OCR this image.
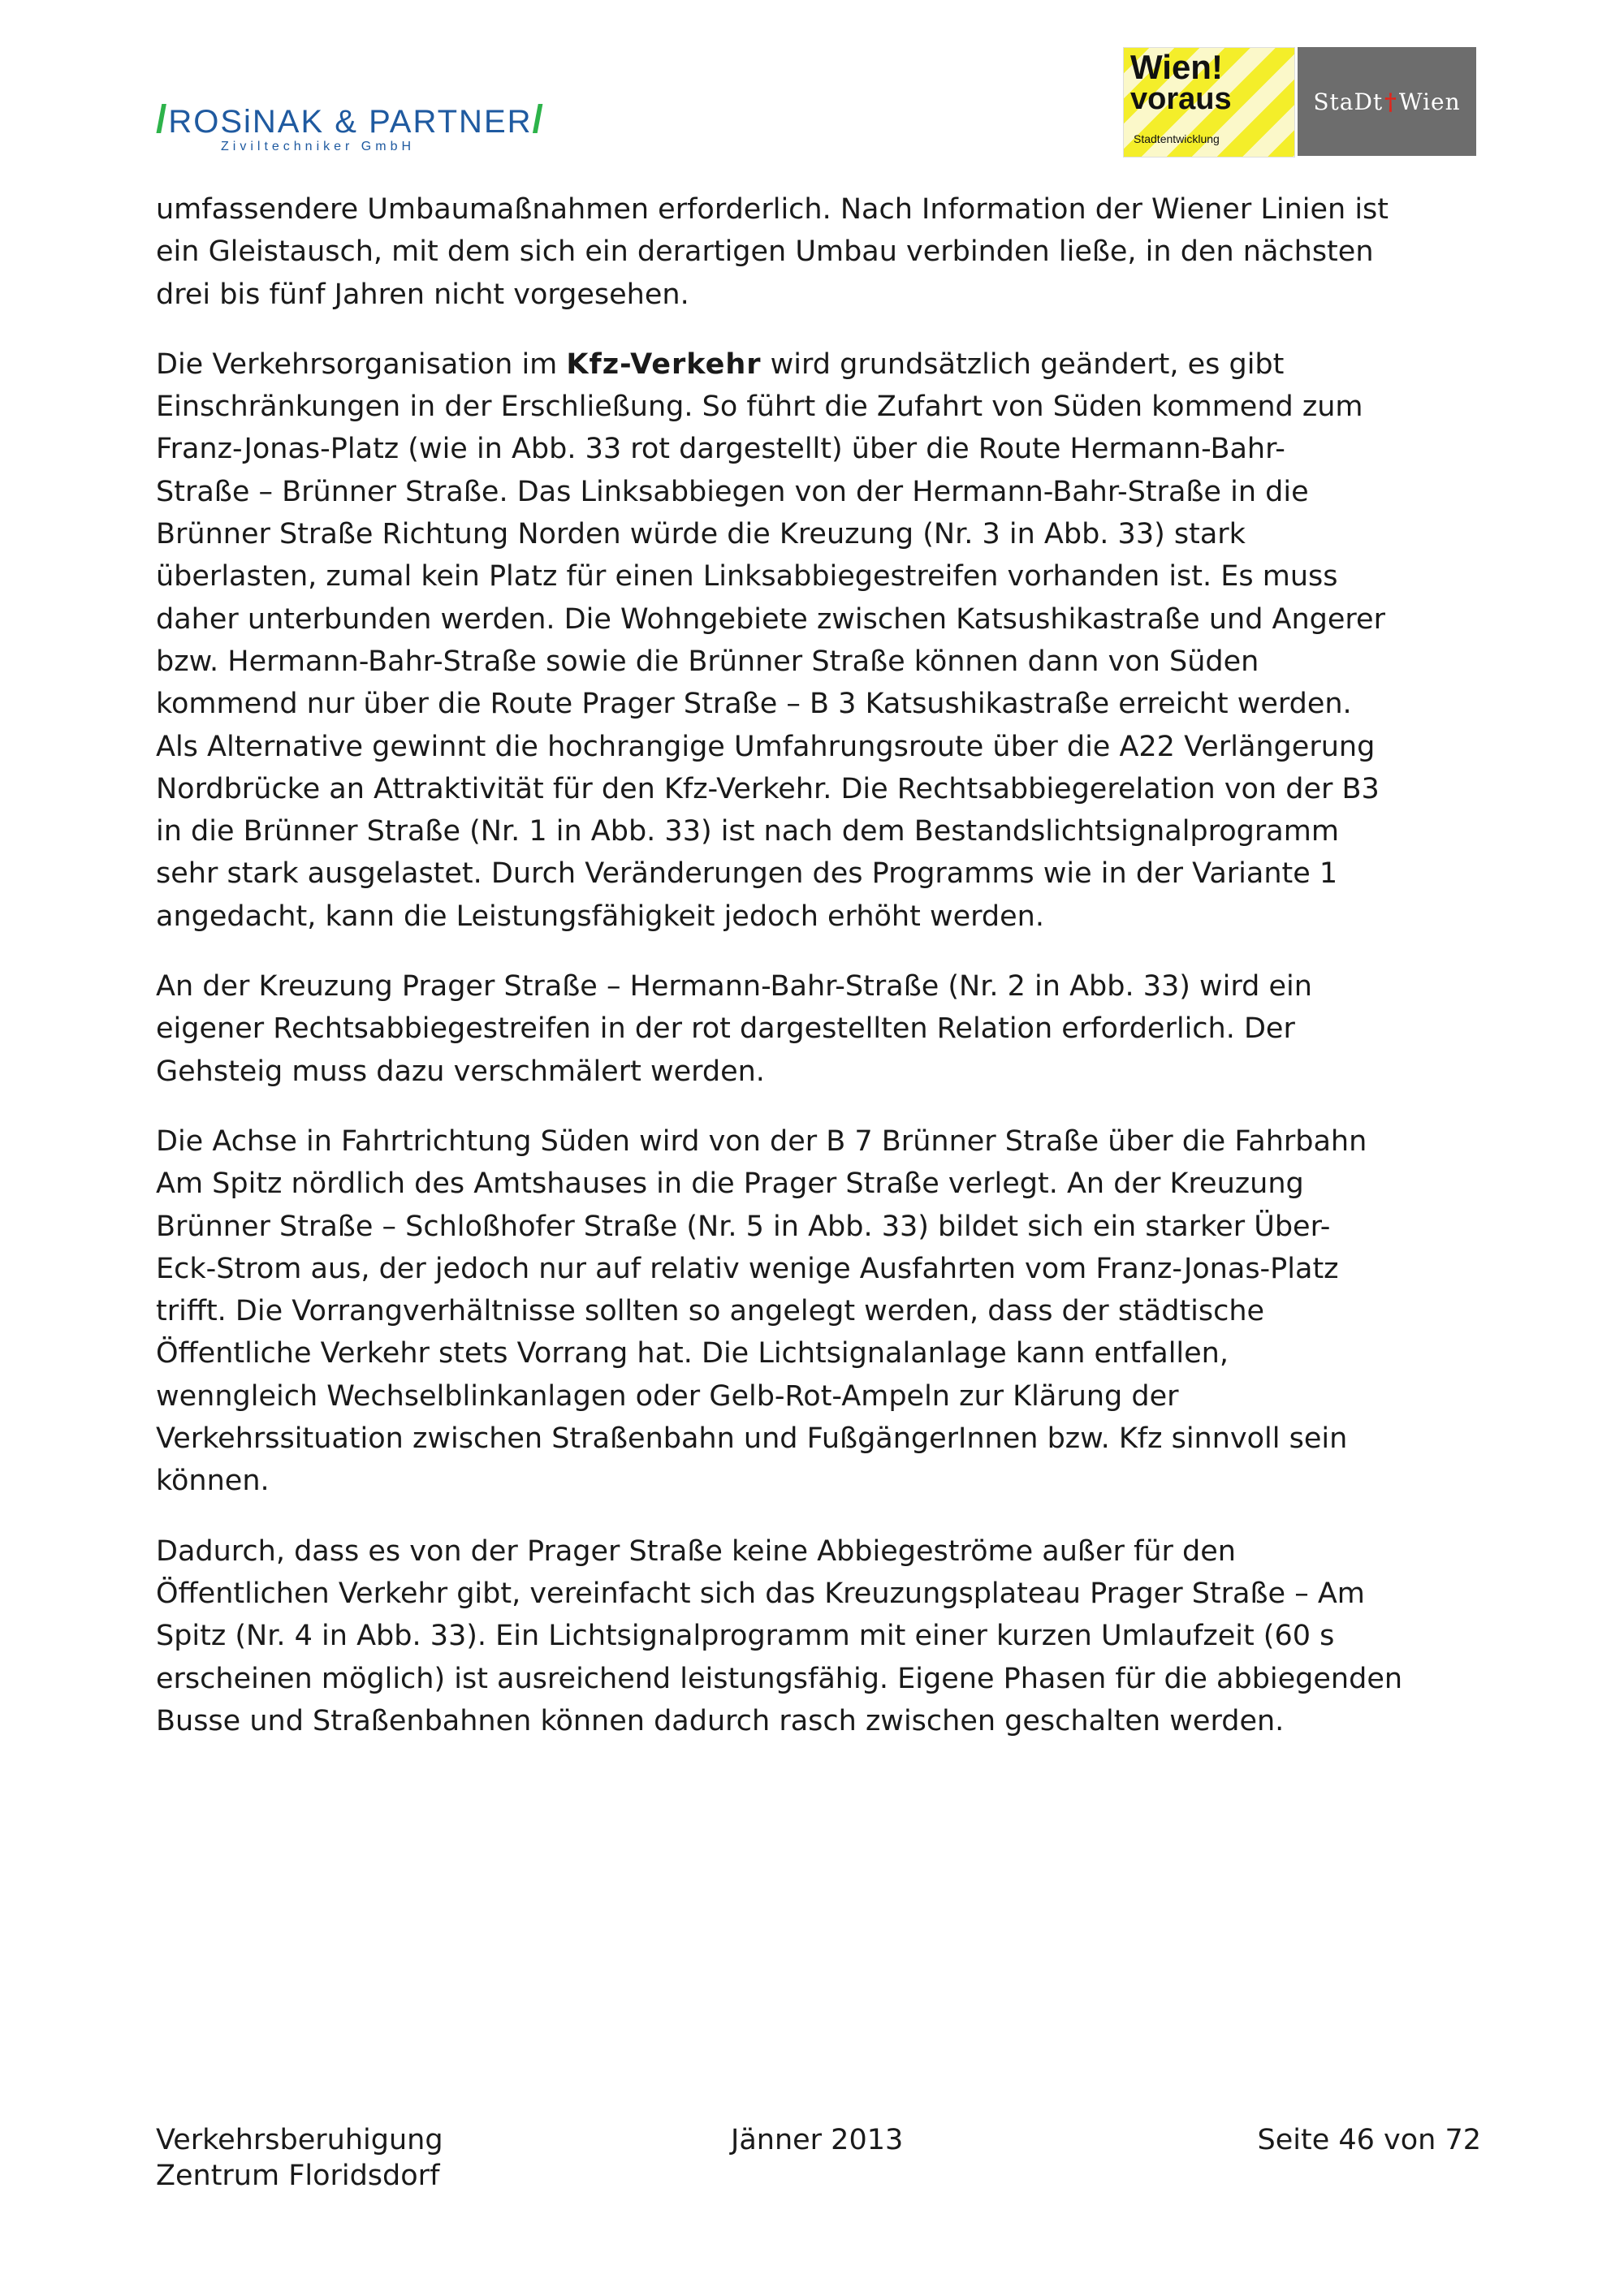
/ROSiNAK & PARTNER/
Ziviltechniker GmbH
Wien!
voraus
Stadtentwicklung
StaDt † Wien

umfassendere Umbaumaßnahmen erforderlich. Nach Information der Wiener Linien ist
ein Gleistausch, mit dem sich ein derartigen Umbau verbinden ließe, in den nächsten
drei bis fünf Jahren nicht vorgesehen.

Die Verkehrsorganisation im Kfz-Verkehr wird grundsätzlich geändert, es gibt
Einschränkungen in der Erschließung. So führt die Zufahrt von Süden kommend zum
Franz-Jonas-Platz (wie in Abb. 33 rot dargestellt) über die Route Hermann-Bahr-
Straße – Brünner Straße. Das Linksabbiegen von der Hermann-Bahr-Straße in die
Brünner Straße Richtung Norden würde die Kreuzung (Nr. 3 in Abb. 33) stark
überlasten, zumal kein Platz für einen Linksabbiegestreifen vorhanden ist. Es muss
daher unterbunden werden. Die Wohngebiete zwischen Katsushikastraße und Angerer
bzw. Hermann-Bahr-Straße sowie die Brünner Straße können dann von Süden
kommend nur über die Route Prager Straße – B 3 Katsushikastraße erreicht werden.
Als Alternative gewinnt die hochrangige Umfahrungsroute über die A22 Verlängerung
Nordbrücke an Attraktivität für den Kfz-Verkehr. Die Rechtsabbiegerelation von der B3
in die Brünner Straße (Nr. 1 in Abb. 33) ist nach dem Bestandslichtsignalprogramm
sehr stark ausgelastet. Durch Veränderungen des Programms wie in der Variante 1
angedacht, kann die Leistungsfähigkeit jedoch erhöht werden.

An der Kreuzung Prager Straße – Hermann-Bahr-Straße (Nr. 2 in Abb. 33) wird ein
eigener Rechtsabbiegestreifen in der rot dargestellten Relation erforderlich. Der
Gehsteig muss dazu verschmälert werden.

Die Achse in Fahrtrichtung Süden wird von der B 7 Brünner Straße über die Fahrbahn
Am Spitz nördlich des Amtshauses in die Prager Straße verlegt. An der Kreuzung
Brünner Straße – Schloßhofer Straße (Nr. 5 in Abb. 33) bildet sich ein starker Über-
Eck-Strom aus, der jedoch nur auf relativ wenige Ausfahrten vom Franz-Jonas-Platz
trifft. Die Vorrangverhältnisse sollten so angelegt werden, dass der städtische
Öffentliche Verkehr stets Vorrang hat. Die Lichtsignalanlage kann entfallen,
wenngleich Wechselblinkanlagen oder Gelb-Rot-Ampeln zur Klärung der
Verkehrssituation zwischen Straßenbahn und FußgängerInnen bzw. Kfz sinnvoll sein
können.

Dadurch, dass es von der Prager Straße keine Abbiegeströme außer für den
Öffentlichen Verkehr gibt, vereinfacht sich das Kreuzungsplateau Prager Straße – Am
Spitz (Nr. 4 in Abb. 33). Ein Lichtsignalprogramm mit einer kurzen Umlaufzeit (60 s
erscheinen möglich) ist ausreichend leistungsfähig. Eigene Phasen für die abbiegenden
Busse und Straßenbahnen können dadurch rasch zwischen geschalten werden.

Verkehrsberuhigung
Zentrum Floridsdorf
Jänner 2013	Seite 46 von 72
